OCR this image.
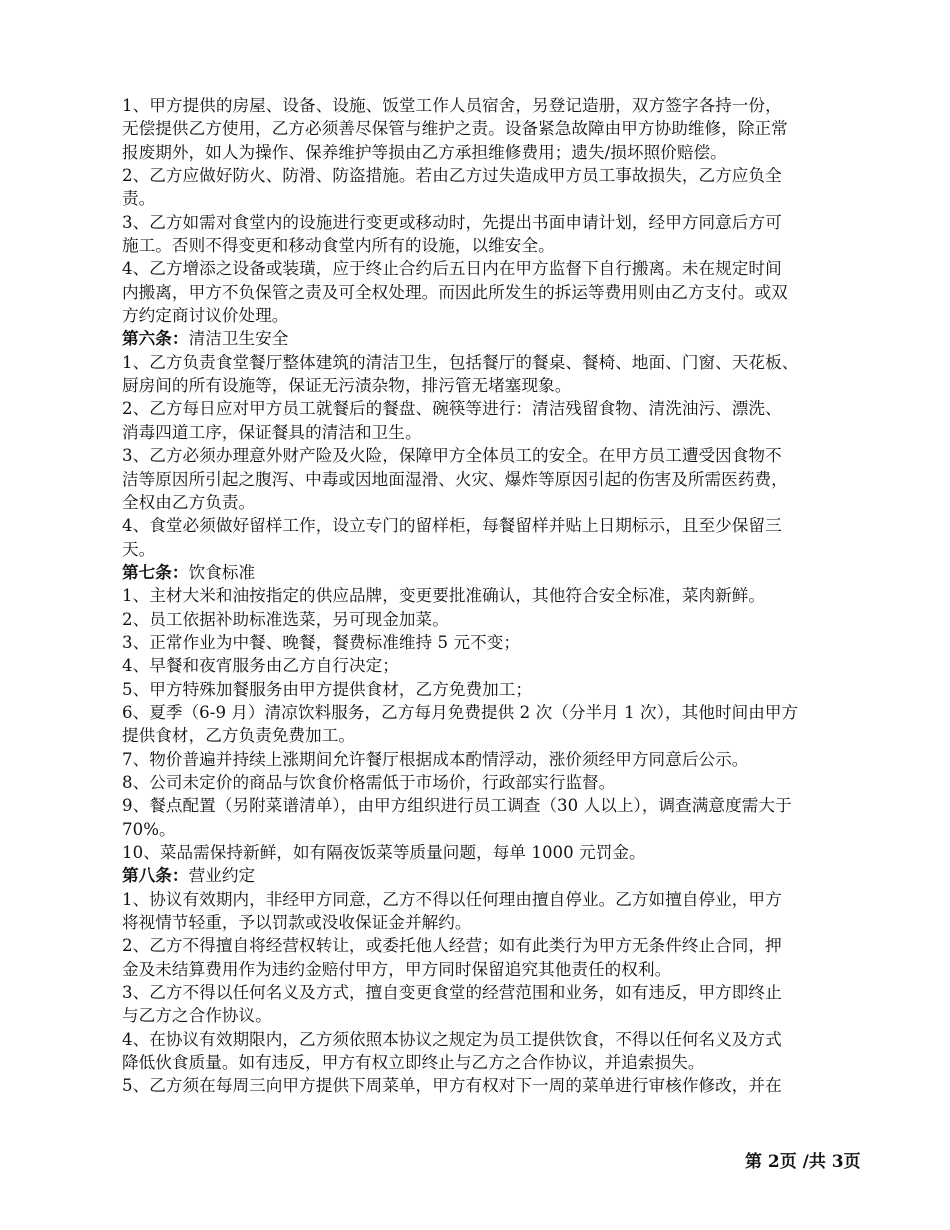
1、甲方提供的房屋、设备、设施、饭堂工作人员宿舍，另登记造册，双方签字各持一份，
无偿提供乙方使用，乙方必须善尽保管与维护之责。设备紧急故障由甲方协助维修，除正常
报废期外，如人为操作、保养维护等损由乙方承担维修费用；遗失/损坏照价赔偿。
2、乙方应做好防火、防滑、防盗措施。若由乙方过失造成甲方员工事故损失，乙方应负全
责。
3、乙方如需对食堂内的设施进行变更或移动时，先提出书面申请计划，经甲方同意后方可
施工。否则不得变更和移动食堂内所有的设施，以维安全。
4、乙方增添之设备或装璜，应于终止合约后五日内在甲方监督下自行搬离。未在规定时间
内搬离，甲方不负保管之责及可全权处理。而因此所发生的拆运等费用则由乙方支付。或双
方约定商讨议价处理。
第六条：清洁卫生安全
1、乙方负责食堂餐厅整体建筑的清洁卫生，包括餐厅的餐桌、餐椅、地面、门窗、天花板、
厨房间的所有设施等，保证无污渍杂物，排污管无堵塞现象。
2、乙方每日应对甲方员工就餐后的餐盘、碗筷等进行：清洁残留食物、清洗油污、漂洗、
消毒四道工序，保证餐具的清洁和卫生。
3、乙方必须办理意外财产险及火险，保障甲方全体员工的安全。在甲方员工遭受因食物不
洁等原因所引起之腹泻、中毒或因地面湿滑、火灾、爆炸等原因引起的伤害及所需医药费，
全权由乙方负责。
4、食堂必须做好留样工作，设立专门的留样柜，每餐留样并贴上日期标示，且至少保留三
天。
第七条：饮食标准
1、主材大米和油按指定的供应品牌，变更要批准确认，其他符合安全标准，菜肉新鲜。
2、员工依据补助标准选菜，另可现金加菜。
3、正常作业为中餐、晚餐，餐费标准维持 5 元不变；
4、早餐和夜宵服务由乙方自行决定；
5、甲方特殊加餐服务由甲方提供食材，乙方免费加工；
6、夏季（6-9 月）清凉饮料服务，乙方每月免费提供 2 次（分半月 1 次），其他时间由甲方
提供食材，乙方负责免费加工。
7、物价普遍并持续上涨期间允许餐厅根据成本酌情浮动，涨价须经甲方同意后公示。
8、公司未定价的商品与饮食价格需低于市场价，行政部实行监督。
9、餐点配置（另附菜谱清单），由甲方组织进行员工调查（30 人以上），调查满意度需大于
70%。
10、菜品需保持新鲜，如有隔夜饭菜等质量问题，每单 1000 元罚金。
第八条：营业约定
1、协议有效期内，非经甲方同意，乙方不得以任何理由擅自停业。乙方如擅自停业，甲方
将视情节轻重，予以罚款或没收保证金并解约。
2、乙方不得擅自将经营权转让，或委托他人经营；如有此类行为甲方无条件终止合同，押
金及未结算费用作为违约金赔付甲方，甲方同时保留追究其他责任的权利。
3、乙方不得以任何名义及方式，擅自变更食堂的经营范围和业务，如有违反，甲方即终止
与乙方之合作协议。
4、在协议有效期限内，乙方须依照本协议之规定为员工提供饮食，不得以任何名义及方式
降低伙食质量。如有违反，甲方有权立即终止与乙方之合作协议，并追索损失。
5、乙方须在每周三向甲方提供下周菜单，甲方有权对下一周的菜单进行审核作修改，并在
第 2页 /共 3页
